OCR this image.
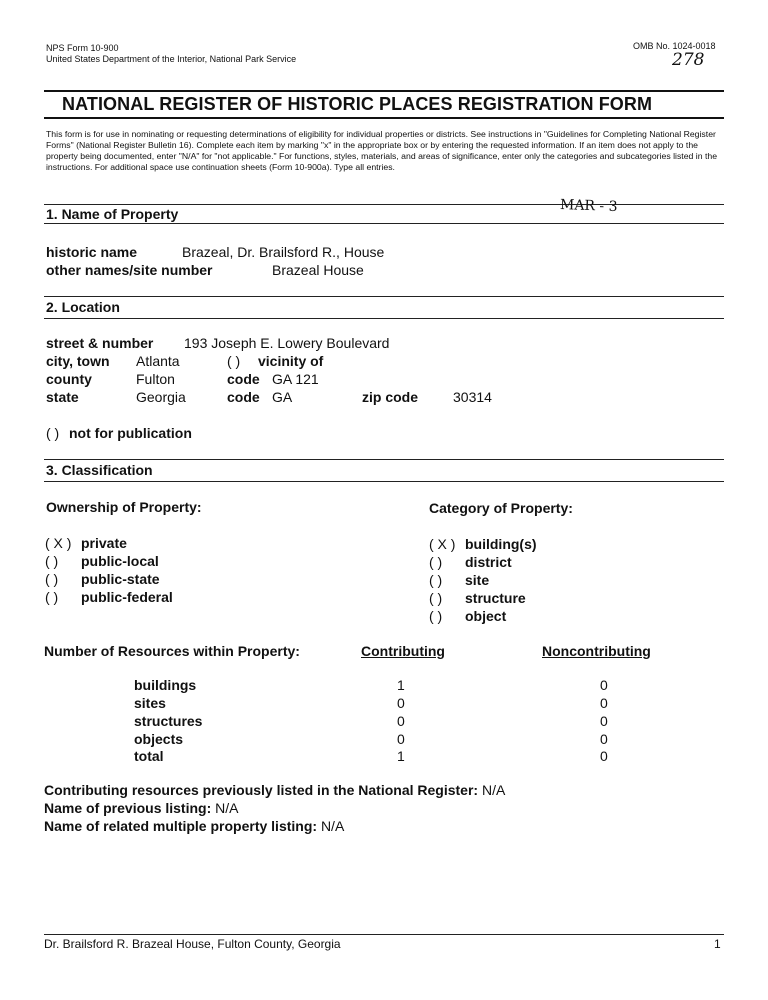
NPS Form 10-900
United States Department of the Interior, National Park Service
OMB No. 1024-0018
278
NATIONAL REGISTER OF HISTORIC PLACES REGISTRATION FORM
This form is for use in nominating or requesting determinations of eligibility for individual properties or districts. See instructions in "Guidelines for Completing National Register Forms" (National Register Bulletin 16). Complete each item by marking "x" in the appropriate box or by entering the requested information. If an item does not apply to the property being documented, enter "N/A" for "not applicable." For functions, styles, materials, and areas of significance, enter only the categories and subcategories listed in the instructions. For additional space use continuation sheets (Form 10-900a). Type all entries.
1. Name of Property	MAR - 3
historic name	Brazeal, Dr. Brailsford R., House
other names/site number	Brazeal House
2. Location
street & number 193 Joseph E. Lowery Boulevard
city, town Atlanta	( ) vicinity of
county	Fulton	code GA 121
state	Georgia	code GA	zip code 30314
( ) not for publication
3. Classification
Ownership of Property:	Category of Property:
( X ) private
( ) public-local
( ) public-state
( ) public-federal
( X ) building(s)
( ) district
( ) site
( ) structure
( ) object
Number of Resources within Property:	Contributing	Noncontributing
buildings	1	0
sites	0	0
structures	0	0
objects	0	0
total	1	0
Contributing resources previously listed in the National Register: N/A
Name of previous listing: N/A
Name of related multiple property listing: N/A
Dr. Brailsford R. Brazeal House, Fulton County, Georgia	1
